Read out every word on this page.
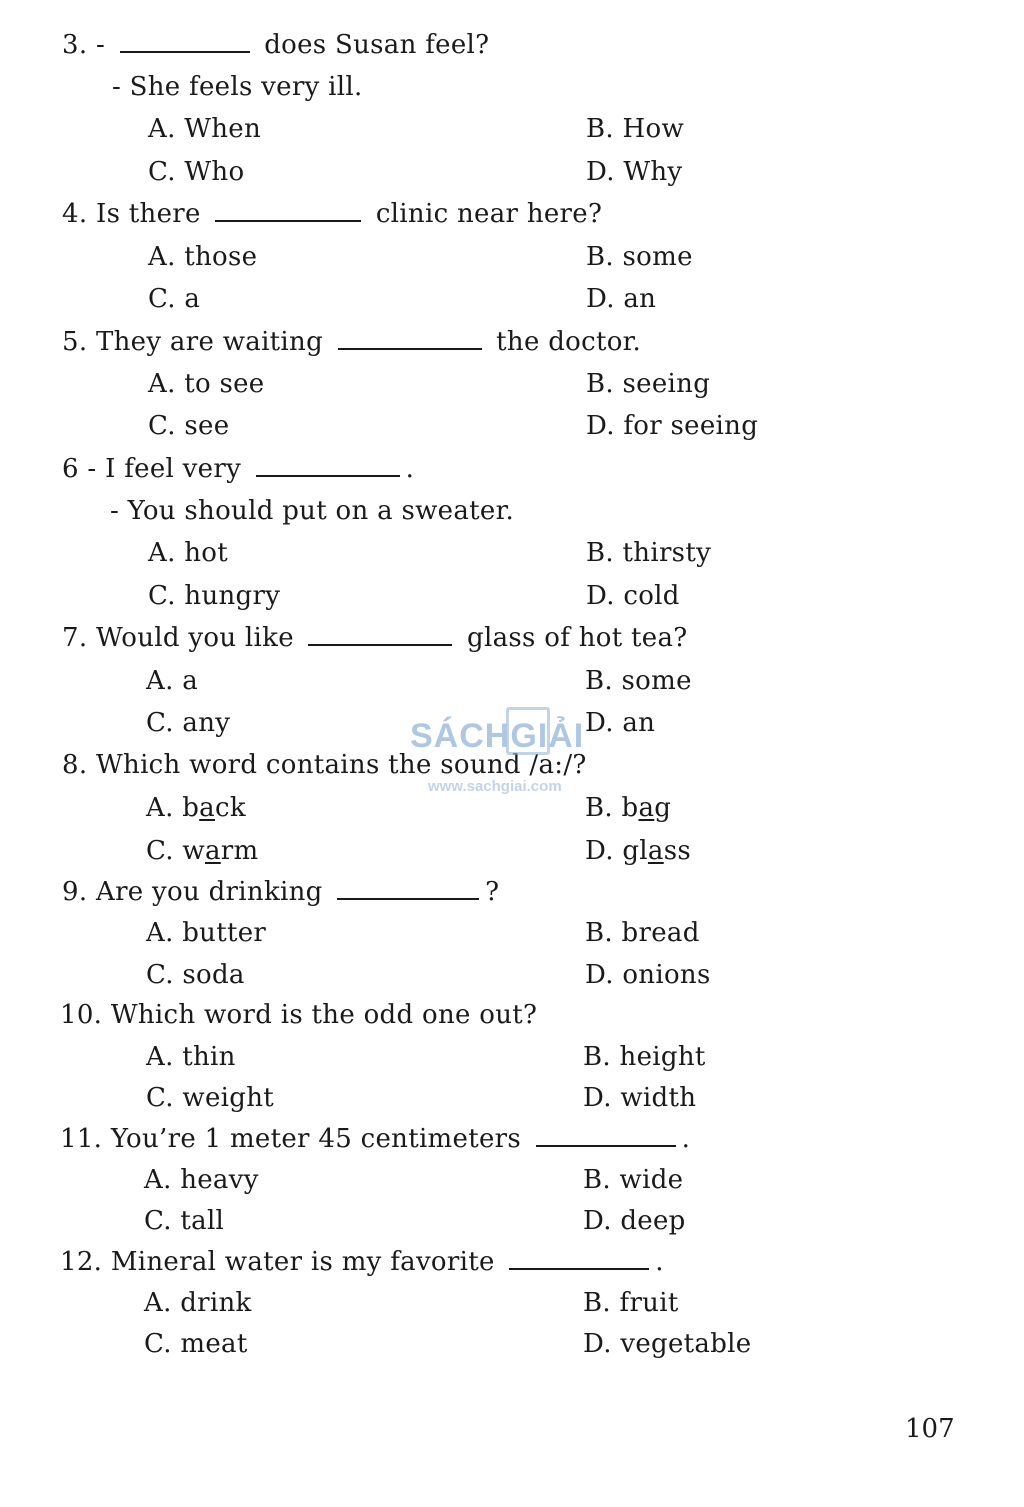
3. -	does Susan feel?
- She feels very ill.
A. When	B. How
C. Who	D. Why
4. Is there	clinic near here?
A. those	B. some
C. a	D. an
5. They are waiting	the doctor.
A. to see	B. seeing
C. see	D. for seeing
6 - I feel very	.
- You should put on a sweater.
A. hot	B. thirsty
C. hungry	D. cold
7. Would you like	glass of hot tea?
A. a	B. some
C. any	D. an
8. Which word contains the sound /a:/?
A. back	B. bag
C. warm	D. glass
9. Are you drinking	?
A. butter	B. bread
C. soda	D. onions
10. Which word is the odd one out?
A. thin	B. height
C. weight	D. width
11. You’re 1 meter 45 centimeters	.
A. heavy	B. wide
C. tall	D. deep
12. Mineral water is my favorite	.
A. drink	B. fruit
C. meat	D. vegetable
SÁCHGIẢI
www.sachgiai.com
107
